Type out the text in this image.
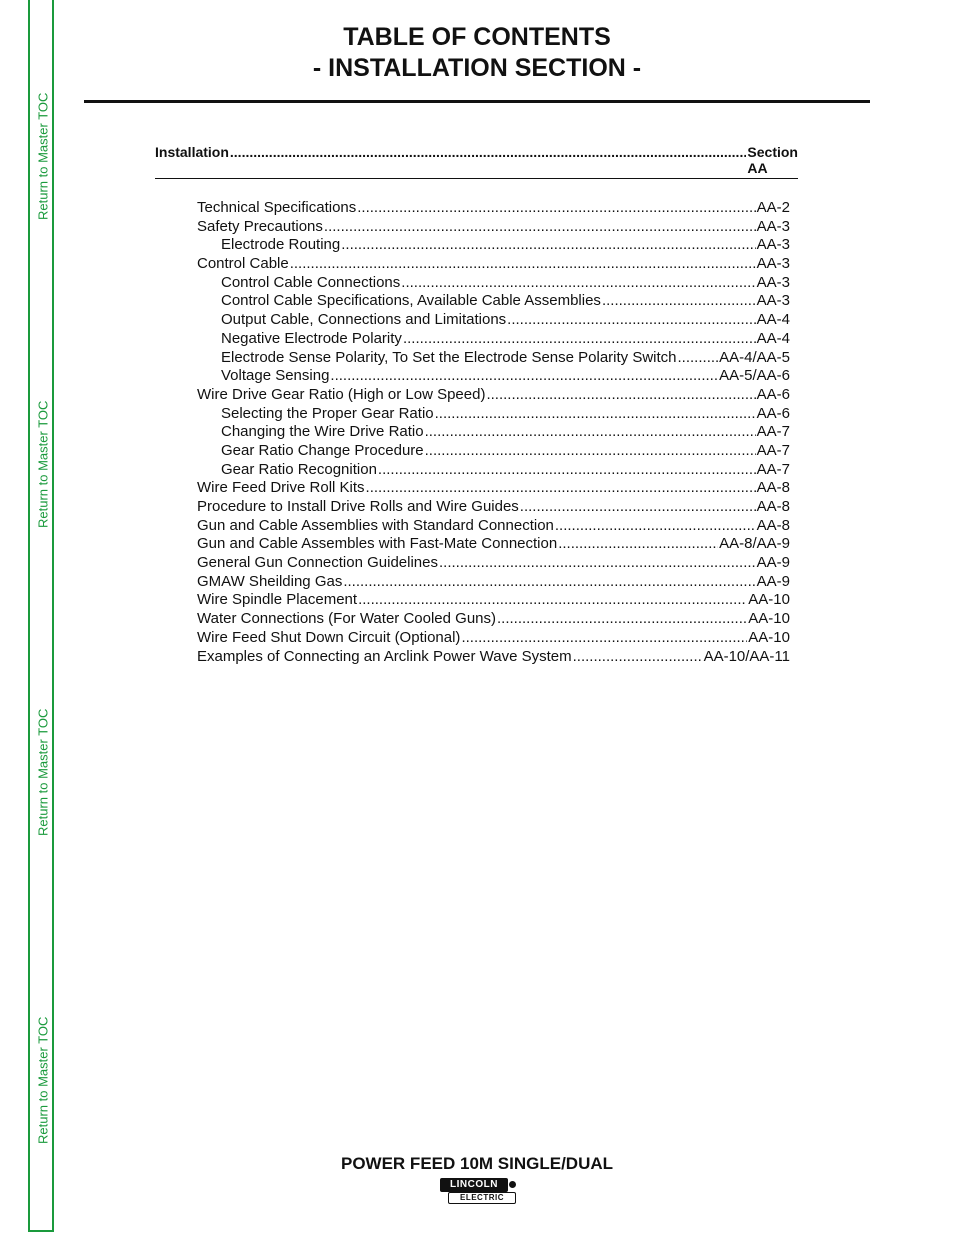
Return to Master TOC
Return to Master TOC
Return to Master TOC
Return to Master TOC
TABLE OF CONTENTS
- INSTALLATION SECTION -
Installation .....	Section AA
Technical Specifications .....	AA-2
Safety Precautions .....	AA-3
Electrode Routing .....	AA-3
Control Cable .....	AA-3
Control Cable Connections .....	AA-3
Control Cable Specifications, Available Cable Assemblies .....	AA-3
Output Cable, Connections and Limitations .....	AA-4
Negative Electrode Polarity .....	AA-4
Electrode Sense Polarity, To Set the Electrode Sense Polarity Switch .....	AA-4/AA-5
Voltage Sensing .....	AA-5/AA-6
Wire Drive Gear Ratio (High or Low Speed) .....	AA-6
Selecting the Proper Gear Ratio .....	AA-6
Changing the Wire Drive Ratio .....	AA-7
Gear Ratio Change Procedure .....	AA-7
Gear Ratio Recognition .....	AA-7
Wire Feed Drive Roll Kits .....	AA-8
Procedure to Install Drive Rolls and Wire Guides .....	AA-8
Gun and Cable Assemblies with Standard Connection .....	AA-8
Gun and Cable Assembles with Fast-Mate Connection .....	AA-8/AA-9
General Gun Connection Guidelines .....	AA-9
GMAW Sheilding Gas .....	AA-9
Wire Spindle Placement .....	AA-10
Water Connections (For Water Cooled Guns) .....	AA-10
Wire Feed Shut Down Circuit (Optional) .....	AA-10
Examples of Connecting an Arclink Power Wave System .....	AA-10/AA-11
POWER FEED 10M SINGLE/DUAL
LINCOLN
ELECTRIC
